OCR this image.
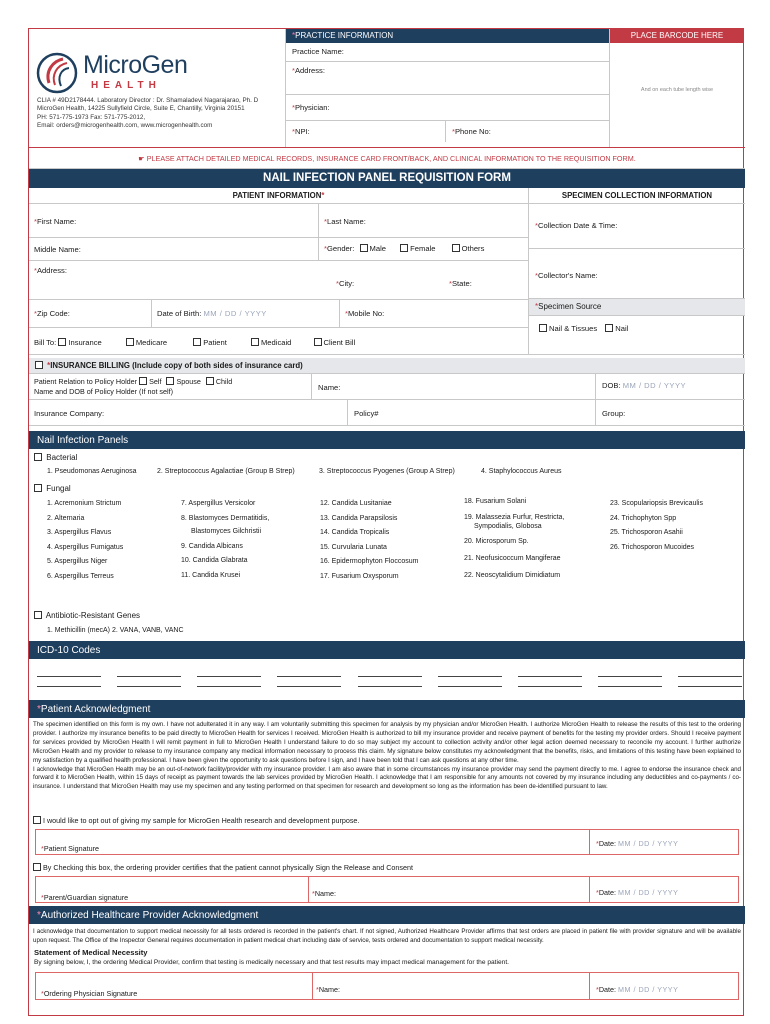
MicroGen
HEALTH
CLIA # 49D2178444. Laboratory Director : Dr. Shamaladevi Nagarajarao, Ph. D
MicroGen Health, 14225 Sullyfield Circle, Suite E, Chantilly, Virginia 20151
PH: 571-775-1973 Fax: 571-775-2012,
Email: orders@microgenhealth.com, www.microgenhealth.com
*PRACTICE INFORMATION
Practice Name:
*Address:
*Physician:
*NPI:	*Phone No:
PLACE BARCODE HERE
And on each tube length wise
☛ PLEASE ATTACH DETAILED MEDICAL RECORDS, INSURANCE CARD FRONT/BACK, AND CLINICAL INFORMATION TO THE REQUISITION FORM.
NAIL INFECTION PANEL REQUISITION FORM
PATIENT INFORMATION*	SPECIMEN COLLECTION INFORMATION
*First Name:	*Last Name:
Middle Name:	*Gender: Male	Female	Others
*Address:
*City:	*State:
*Zip Code:	Date of Birth: MM / DD / YYYY	*Mobile No:
Bill To: Insurance	Medicare	Patient	Medicaid	Client Bill
*Collection Date & Time:
*Collector's Name:
*Specimen Source
Nail & Tissues Nail
*INSURANCE BILLING (Include copy of both sides of insurance card)
Patient Relation to Policy Holder Self Spouse Child
Name and DOB of Policy Holder (If not self)	Name:	DOB: MM / DD / YYYY
Insurance Company:	Policy#	Group:
Nail Infection Panels
Bacterial
1. Pseudomonas Aeruginosa	2. Streptococcus Agalactiae (Group B Strep)	3. Streptococcus Pyogenes (Group A Strep)	4. Staphylococcus Aureus
Fungal
1. Acremonium Strictum
2. Alternaria
3. Aspergillus Flavus
4. Aspergillus Fumigatus
5. Aspergillus Niger
6. Aspergillus Terreus
7. Aspergillus Versicolor
8. Blastomyces Dermatitidis,
Blastomyces Gilchristii
9. Candida Albicans
10. Candida Glabrata
11. Candida Krusei
12. Candida Lusitaniae
13. Candida Parapsilosis
14. Candida Tropicalis
15. Curvularia Lunata
16. Epidermophyton Floccosum
17. Fusarium Oxysporum
18. Fusarium Solani
19. Malassezia Furfur, Restricta,
Sympodialis, Globosa
20. Microsporum Sp.
21. Neofusicoccum Mangiferae
22. Neoscytalidium Dimidiatum
23. Scopulariopsis Brevicaulis
24. Trichophyton Spp
25. Trichosporon Asahii
26. Trichosporon Mucoides
Antibiotic-Resistant Genes
1. Methicillin (mecA) 2. VANA, VANB, VANC
ICD-10 Codes
*Patient Acknowledgment

The specimen identified on this form is my own. I have not adulterated it in any way. I am voluntarily submitting this specimen for analysis by my physician and/or MicroGen Health. I authorize MicroGen Health to release the results of this test to the ordering provider. I authorize my insurance benefits to be paid directly to MicroGen Health for services I received. MicroGen Health is authorized to bill my insurance provider and receive payment of benefits for the testing my provider orders. Should I receive payment for services provided by MicroGen Health I will remit payment in full to MicroGen Health I understand failure to do so may subject my account to collection activity and/or other legal action deemed necessary to reconcile my account. I further authorize MicroGen Health and my provider to release to my insurance company any medical information necessary to process this claim. My signature below constitutes my acknowledgment that the benefits, risks, and limitations of this testing have been explained to my satisfaction by a qualified health professional. I have been given the opportunity to ask questions before I sign, and I have been told that I can ask questions at any other time.

I acknowledge that MicroGen Health may be an out-of-network facility/provider with my insurance provider. I am also aware that in some circumstances my insurance provider may send the payment directly to me. I agree to endorse the insurance check and forward it to MicroGen Health, within 15 days of receipt as payment towards the lab services provided by MicroGen Health. I acknowledge that I am responsible for any amounts not covered by my insurance including any deductibles and co-payments / co-insurance. I understand that MicroGen Health may use my specimen and any testing performed on that specimen for research and development so long as the information has been de-identified pursuant to law.

I would like to opt out of giving my sample for MicroGen Health research and development purpose.
*Patient Signature
*Date: MM / DD / YYYY
By Checking this box, the ordering provider certifies that the patient cannot physically Sign the Release and Consent
*Parent/Guardian signature	*Name:	*Date: MM / DD / YYYY
*Authorized Healthcare Provider Acknowledgment

I acknowledge that documentation to support medical necessity for all tests ordered is recorded in the patient's chart. If not signed, Authorized Healthcare Provider affirms that test orders are placed in patient file with provider signature and will be available upon request. The Office of the Inspector General requires documentation in patient medical chart including date of service, tests ordered and documentation to support medical necessity.

Statement of Medical Necessity
By signing below, I, the ordering Medical Provider, confirm that testing is medically necessary and that test results may impact medical management for the patient.
*Ordering Physician Signature	*Name:	*Date: MM / DD / YYYY
